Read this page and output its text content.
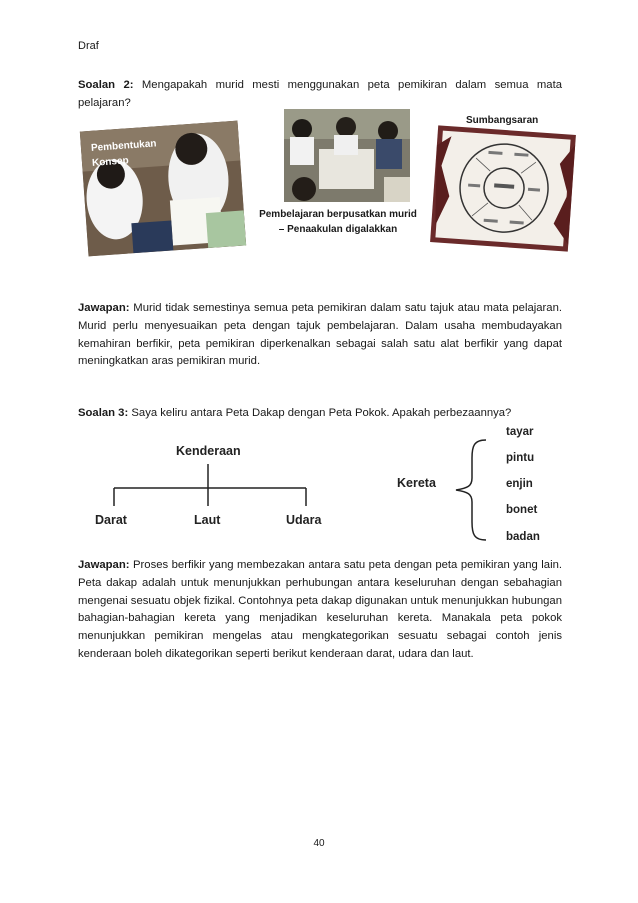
Draf
Soalan 2: Mengapakah murid mesti menggunakan peta pemikiran dalam semua mata pelajaran?
Pembentukan Konsep
Pembelajaran berpusatkan murid – Penaakulan digalakkan
Sumbangsaran
Jawapan: Murid tidak semestinya semua peta pemikiran dalam satu tajuk atau mata pelajaran. Murid perlu menyesuaikan peta dengan tajuk pembelajaran. Dalam usaha membudayakan kemahiran berfikir, peta pemikiran diperkenalkan sebagai salah satu alat berfikir yang dapat meningkatkan aras pemikiran murid.
Soalan 3: Saya keliru antara Peta Dakap dengan Peta Pokok. Apakah perbezaannya?
Kenderaan
Darat	Laut	Udara
Kereta
tayar
pintu
enjin
bonet
badan
Jawapan: Proses berfikir yang membezakan antara satu peta dengan peta pemikiran yang lain. Peta dakap adalah untuk menunjukkan perhubungan antara keseluruhan dengan sebahagian mengenai sesuatu objek fizikal. Contohnya peta dakap digunakan untuk menunjukkan hubungan bahagian-bahagian kereta yang menjadikan keseluruhan kereta. Manakala peta pokok menunjukkan pemikiran mengelas atau mengkategorikan sesuatu sebagai contoh jenis kenderaan boleh dikategorikan seperti berikut kenderaan darat, udara dan laut.
40
